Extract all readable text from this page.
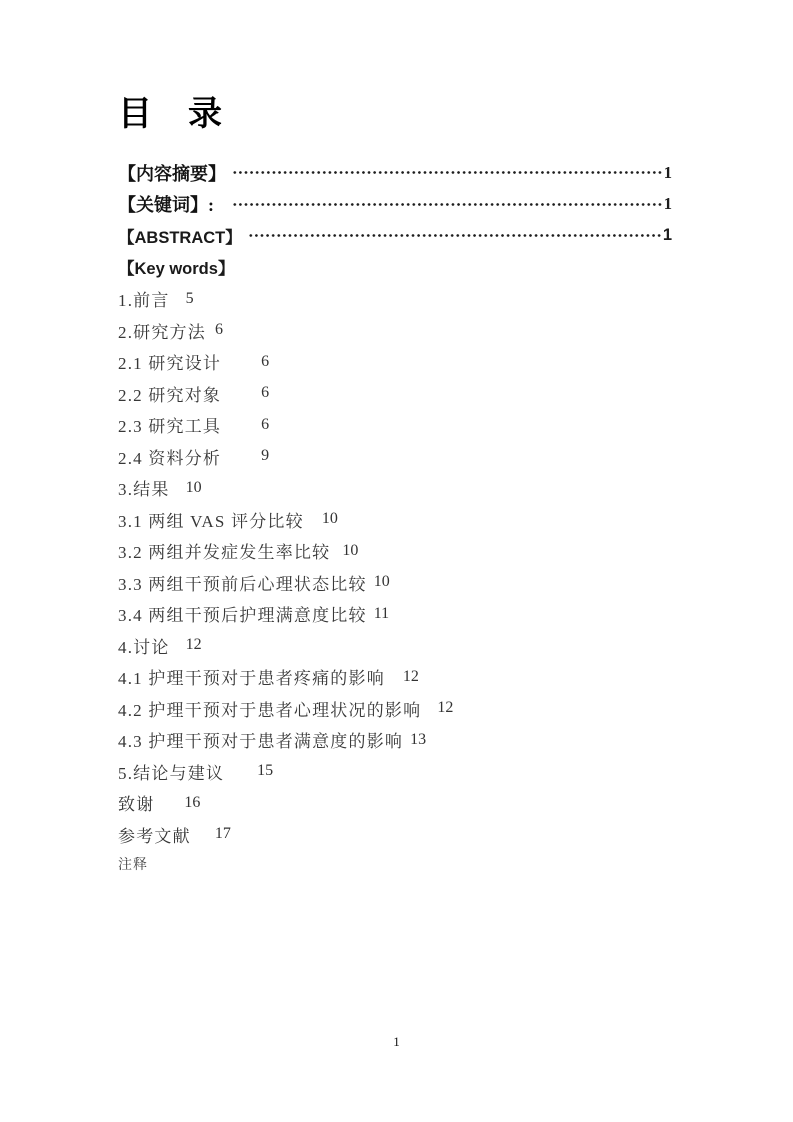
目　录
【内容摘要】	1
【关键词】:	1
【ABSTRACT】	1
【Key words】
1.前言 5
2.研究方法 6
2.1 研究设计	6
2.2 研究对象	6
2.3 研究工具	6
2.4 资料分析	9
3.结果 10
3.1 两组 VAS 评分比较 10
3.2 两组并发症发生率比较 10
3.3 两组干预前后心理状态比较 10
3.4 两组干预后护理满意度比较 11
4.讨论 12
4.1 护理干预对于患者疼痛的影响 12
4.2 护理干预对于患者心理状况的影响 12
4.3 护理干预对于患者满意度的影响 13
5.结论与建议 15
致谢 16
参考文献 17
注释
1
